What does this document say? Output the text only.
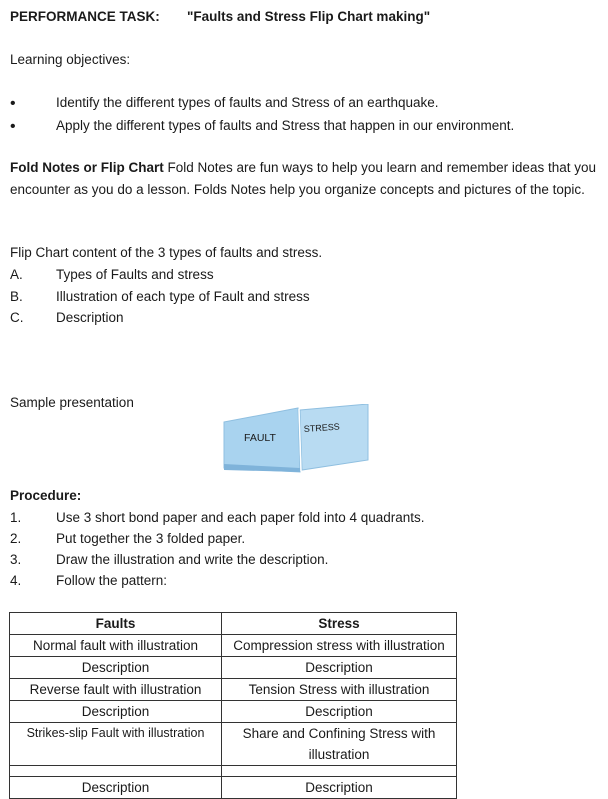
PERFORMANCE TASK: "Faults and Stress Flip Chart making"
Learning objectives:
•	Identify the different types of faults and Stress of an earthquake.
•	Apply the different types of faults and Stress that happen in our environment.
Fold Notes or Flip Chart Fold Notes are fun ways to help you learn and remember ideas that you encounter as you do a lesson. Folds Notes help you organize concepts and pictures of the topic.
Flip Chart content of the 3 types of faults and stress.
A. Types of Faults and stress
B. Illustration of each type of Fault and stress
C. Description
Sample presentation
FAULT
STRESS
Procedure:
1.	Use 3 short bond paper and each paper fold into 4 quadrants.
2.	Put together the 3 folded paper.
3.	Draw the illustration and write the description.
4.	Follow the pattern:
Faults	Stress
Normal fault with illustration	Compression stress with illustration
Description	Description
Reverse fault with illustration	Tension Stress with illustration
Description	Description
Strikes-slip Fault with illustration	Share and Confining Stress with illustration

Description	Description
